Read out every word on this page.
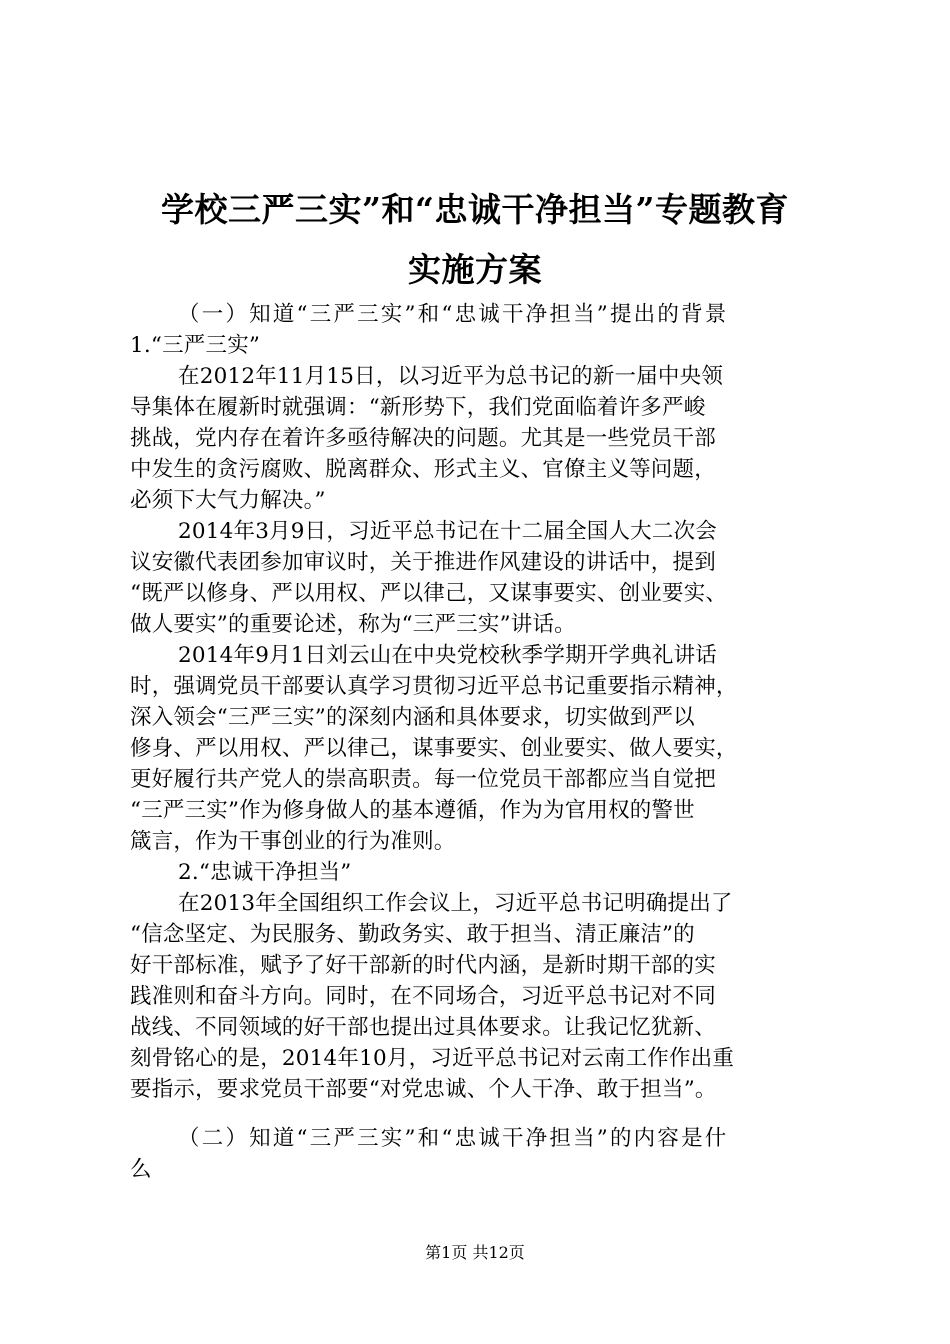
学校三严三实”和“忠诚干净担当”专题教育
实施方案

（一）知道“三严三实”和“忠诚干净担当”提出的背景

1.“三严三实”

在2012年11月15日，以习近平为总书记的新一届中央领

导集体在履新时就强调：“新形势下，我们党面临着许多严峻

挑战，党内存在着许多亟待解决的问题。尤其是一些党员干部

中发生的贪污腐败、脱离群众、形式主义、官僚主义等问题，

必须下大气力解决。”

2014年3月9日，习近平总书记在十二届全国人大二次会

议安徽代表团参加审议时，关于推进作风建设的讲话中，提到

“既严以修身、严以用权、严以律己，又谋事要实、创业要实、

做人要实”的重要论述，称为“三严三实”讲话。

2014年9月1日刘云山在中央党校秋季学期开学典礼讲话

时，强调党员干部要认真学习贯彻习近平总书记重要指示精神，

深入领会“三严三实”的深刻内涵和具体要求，切实做到严以

修身、严以用权、严以律己，谋事要实、创业要实、做人要实，

更好履行共产党人的崇高职责。每一位党员干部都应当自觉把

“三严三实”作为修身做人的基本遵循，作为为官用权的警世

箴言，作为干事创业的行为准则。

2.“忠诚干净担当”

在2013年全国组织工作会议上，习近平总书记明确提出了

“信念坚定、为民服务、勤政务实、敢于担当、清正廉洁”的

好干部标准，赋予了好干部新的时代内涵，是新时期干部的实

践准则和奋斗方向。同时，在不同场合，习近平总书记对不同

战线、不同领域的好干部也提出过具体要求。让我记忆犹新、

刻骨铭心的是，2014年10月，习近平总书记对云南工作作出重

要指示，要求党员干部要“对党忠诚、个人干净、敢于担当”。

（二）知道“三严三实”和“忠诚干净担当”的内容是什

么

第1页 共12页
